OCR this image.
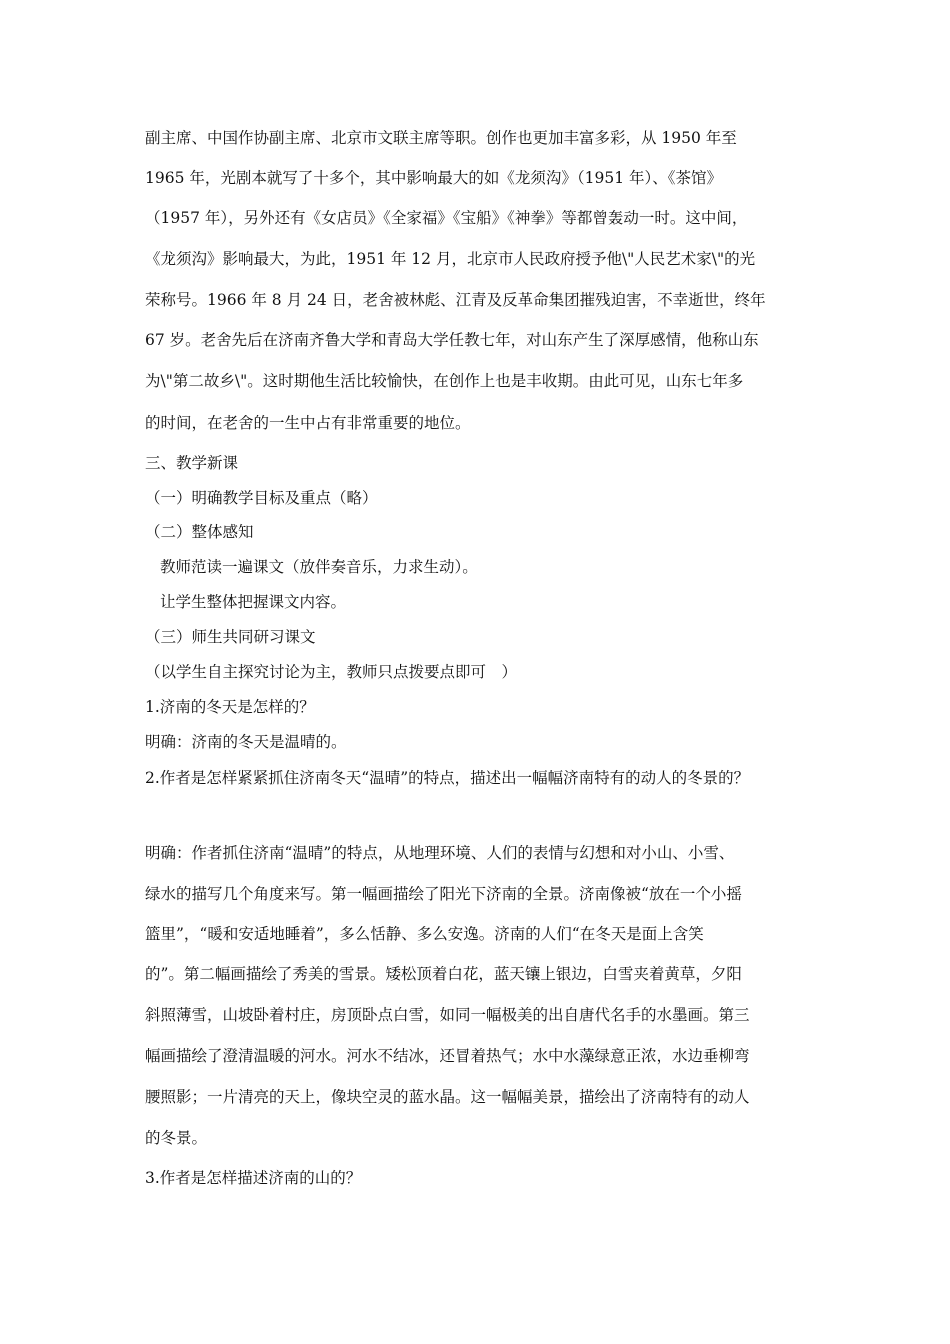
副主席、中国作协副主席、北京市文联主席等职。创作也更加丰富多彩，从 1950 年至

1965 年，光剧本就写了十多个，其中影响最大的如《龙须沟》（1951 年）、《茶馆》

（1957 年），另外还有《女店员》《全家福》《宝船》《神拳》等都曾轰动一时。这中间，

《龙须沟》影响最大，为此，1951 年 12 月，北京市人民政府授予他\"人民艺术家\"的光

荣称号。1966 年 8 月 24 日，老舍被林彪、江青及反革命集团摧残迫害，不幸逝世，终年

67 岁。老舍先后在济南齐鲁大学和青岛大学任教七年，对山东产生了深厚感情，他称山东

为\"第二故乡\"。这时期他生活比较愉快，在创作上也是丰收期。由此可见，山东七年多

的时间，在老舍的一生中占有非常重要的地位。

三、教学新课

（一）明确教学目标及重点（略）

（二）整体感知

教师范读一遍课文（放伴奏音乐，力求生动）。

让学生整体把握课文内容。

（三）师生共同研习课文

（以学生自主探究讨论为主，教师只点拨要点即可　）

1.济南的冬天是怎样的？

明确：济南的冬天是温晴的。

2.作者是怎样紧紧抓住济南冬天“温晴”的特点，描述出一幅幅济南特有的动人的冬景的？

明确：作者抓住济南“温晴”的特点，从地理环境、人们的表情与幻想和对小山、小雪、

绿水的描写几个角度来写。第一幅画描绘了阳光下济南的全景。济南像被“放在一个小摇

篮里”，“暖和安适地睡着”，多么恬静、多么安逸。济南的人们“在冬天是面上含笑

的”。第二幅画描绘了秀美的雪景。矮松顶着白花，蓝天镶上银边，白雪夹着黄草，夕阳

斜照薄雪，山坡卧着村庄，房顶卧点白雪，如同一幅极美的出自唐代名手的水墨画。第三

幅画描绘了澄清温暖的河水。河水不结冰，还冒着热气；水中水藻绿意正浓，水边垂柳弯

腰照影；一片清亮的天上，像块空灵的蓝水晶。这一幅幅美景，描绘出了济南特有的动人

的冬景。

3.作者是怎样描述济南的山的？
